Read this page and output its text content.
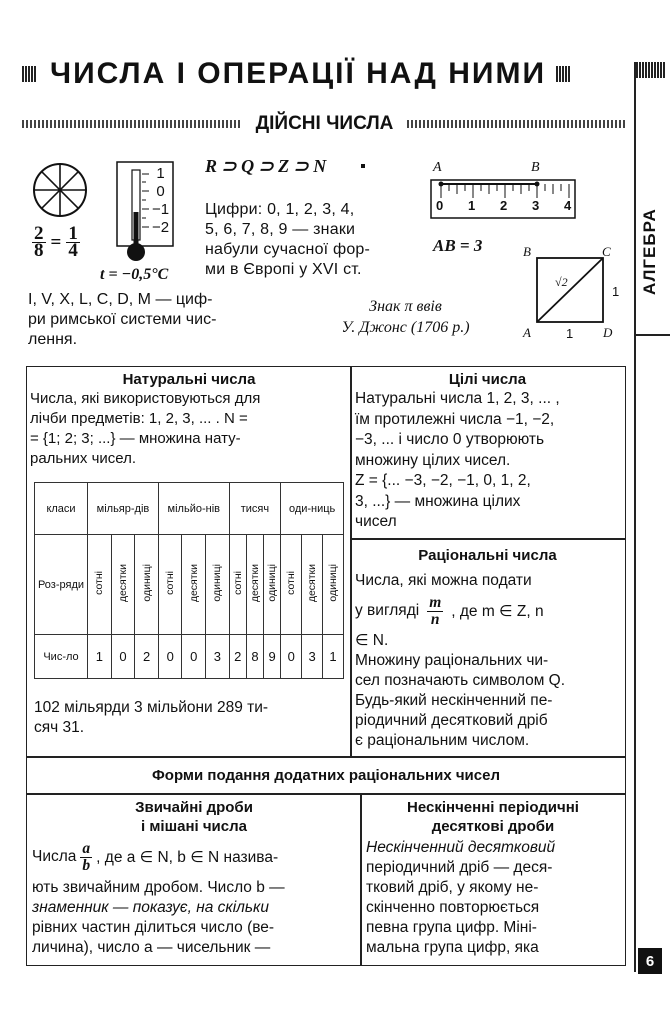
ЧИСЛА І ОПЕРАЦІЇ НАД НИМИ
ДІЙСНІ ЧИСЛА
АЛГЕБРА
6
$\frac{2}{8} = \frac{1}{4}$
1
0
−1
−2
t = −0,5°C
R ⊃ Q ⊃ Z ⊃ N
Цифри: 0, 1, 2, 3, 4,
5, 6, 7, 8, 9 — знаки
набули сучасної фор-
ми в Європі у XVI ст.
A	B
0 1 2 3 4
AB = 3	B	C
A	D
√2
1
1
I, V, X, L, C, D, M — циф-
ри римської системи чис-
лення.
Знак π ввів
У. Джонс (1706 р.)
Натуральні числа
Числа, які використовуються для
лічби предметів: 1, 2, 3, ... . N =
= {1; 2; 3; ...} — множина нату-
ральних чисел.
класи	мільяр-дів			мільйо-нів			тисяч			оди-ниць		
Роз-ряди	сотні	десятки	одиниці	сотні	десятки	одиниці	сотні	десятки	одиниці	сотні	десятки	одиниці
Чис-ло	1	0	2	0	0	3	2	8	9	0	3	1
102 мільярди 3 мільйони 289 ти-
сяч 31.
Цілі числа
Натуральні числа 1, 2, 3, ... ,
їм протилежні числа −1, −2,
−3, ... і число 0 утворюють
множину цілих чисел.
Z = {... −3, −2, −1, 0, 1, 2,
3, ...} — множина цілих
чисел
Раціональні числа
Числа, які можна подати
у вигляді $\frac{m}{n}$ , де m ∈ Z, n
∈ N.
Множину раціональних чи-
сел позначають символом Q.
Будь-який нескінченний пе-
ріодичний десятковий дріб
є раціональним числом.
Форми подання додатних раціональних чисел
Звичайні дроби
і мішані числа
Числа $\frac{a}{b}$ , де a ∈ N, b ∈ N назива-
ють звичайним дробом. Число b —
знаменник — показує, на скільки
рівних частин ділиться число (ве-
личина), число a — чисельник —
Нескінченні періодичні
десяткові дроби
Нескінченний десятковий
періодичний дріб — деся-
тковий дріб, у якому не-
скінченно повторюється
певна група цифр. Міні-
мальна група цифр, яка
